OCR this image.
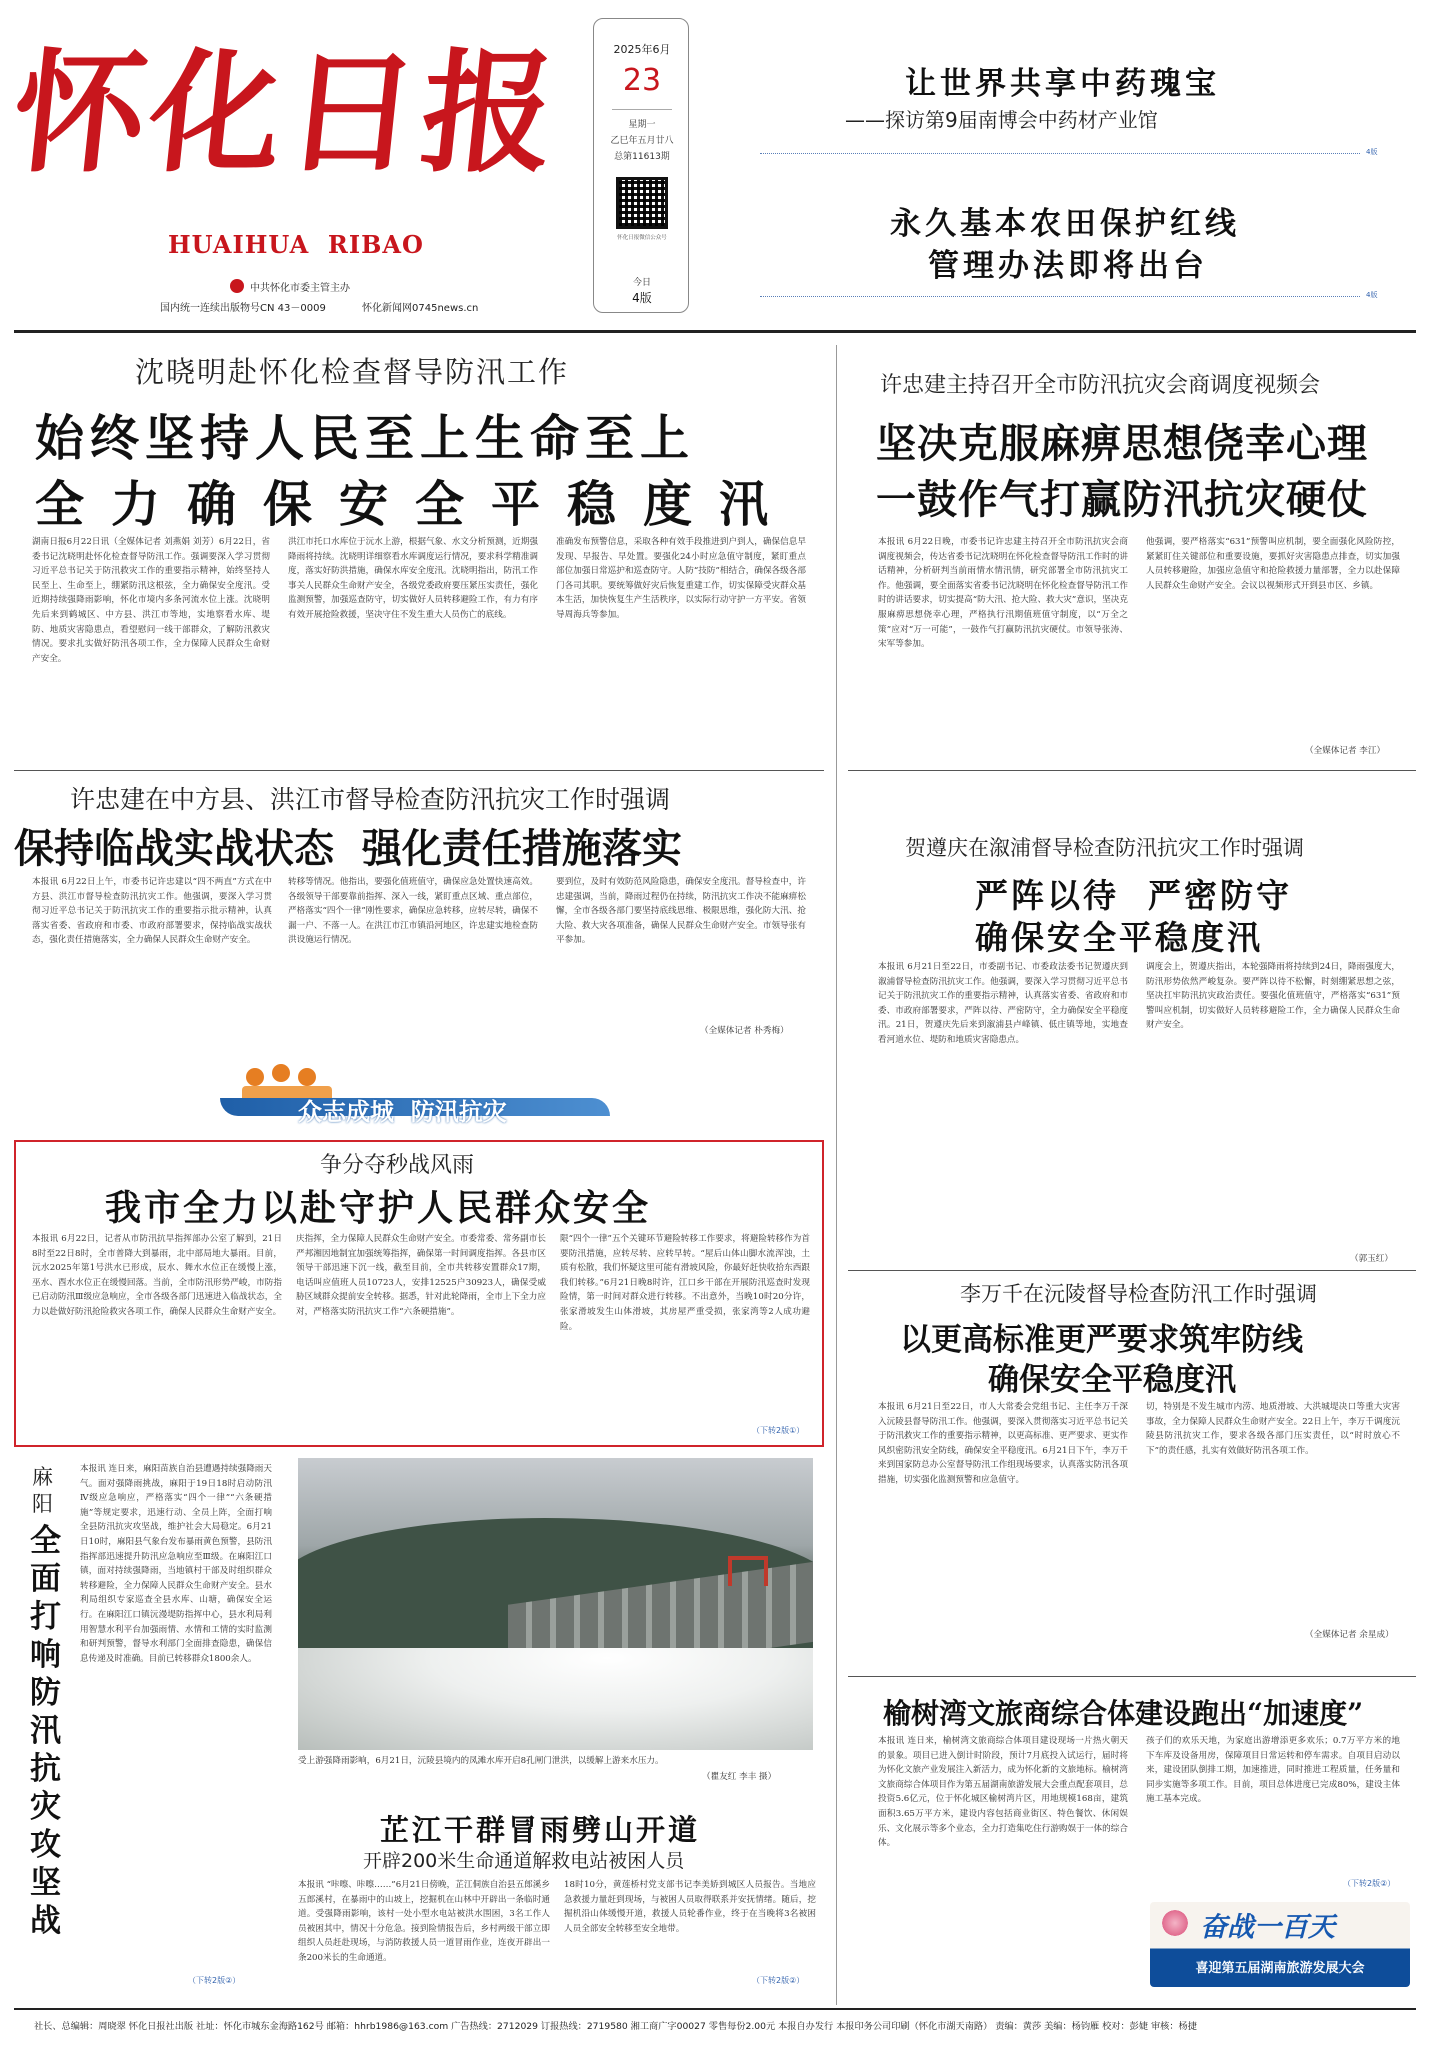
怀化日报
HUAIHUA  RIBAO
中共怀化市委主管主办
国内统一连续出版物号CN 43－0009	怀化新闻网0745news.cn
2025年6月
23
星期一
乙巳年五月廿八
总第11613期
怀化日报微信公众号
今日
4版
让世界共享中药瑰宝
——探访第9届南博会中药材产业馆
4版
永久基本农田保护红线
管理办法即将出台
4版
沈晓明赴怀化检查督导防汛工作
始终坚持人民至上生命至上
全力确保安全平稳度汛
湖南日报6月22日讯（全媒体记者 刘燕娟 刘芳）6月22日，省委书记沈晓明赴怀化检查督导防汛工作。强调要深入学习贯彻习近平总书记关于防汛救灾工作的重要指示精神，始终坚持人民至上、生命至上，绷紧防汛这根弦，全力确保安全度汛。受近期持续强降雨影响，怀化市境内多条河流水位上涨。沈晓明先后来到鹤城区、中方县、洪江市等地，实地察看水库、堤防、地质灾害隐患点，看望慰问一线干部群众，了解防汛救灾情况。要求扎实做好防汛各项工作，全力保障人民群众生命财产安全。
洪江市托口水库位于沅水上游，根据气象、水文分析预测，近期强降雨将持续。沈晓明详细察看水库调度运行情况，要求科学精准调度，落实好防洪措施，确保水库安全度汛。沈晓明指出，防汛工作事关人民群众生命财产安全，各级党委政府要压紧压实责任，强化监测预警，加强巡查防守，切实做好人员转移避险工作，有力有序有效开展抢险救援，坚决守住不发生重大人员伤亡的底线。
准确发布预警信息，采取各种有效手段推进到户到人，确保信息早发现、早报告、早处置。要强化24小时应急值守制度，紧盯重点部位加强日常巡护和巡查防守。人防“技防”相结合，确保各级各部门各司其职。要统筹做好灾后恢复重建工作，切实保障受灾群众基本生活，加快恢复生产生活秩序，以实际行动守护一方平安。省领导周海兵等参加。
许忠建主持召开全市防汛抗灾会商调度视频会
坚决克服麻痹思想侥幸心理
一鼓作气打赢防汛抗灾硬仗
本报讯 6月22日晚，市委书记许忠建主持召开全市防汛抗灾会商调度视频会，传达省委书记沈晓明在怀化检查督导防汛工作时的讲话精神，分析研判当前雨情水情汛情，研究部署全市防汛抗灾工作。他强调，要全面落实省委书记沈晓明在怀化检查督导防汛工作时的讲话要求，切实提高“防大汛、抢大险、救大灾”意识，坚决克服麻痹思想侥幸心理，严格执行汛期值班值守制度，以“万全之策”应对“万一可能”，一鼓作气打赢防汛抗灾硬仗。市领导张涛、宋军等参加。
他强调，要严格落实“631”预警叫应机制，要全面强化风险防控，紧紧盯住关键部位和重要设施，要抓好灾害隐患点排查，切实加强人员转移避险，加强应急值守和抢险救援力量部署，全力以赴保障人民群众生命财产安全。会议以视频形式开到县市区、乡镇。
（全媒体记者 李江）
许忠建在中方县、洪江市督导检查防汛抗灾工作时强调
保持临战实战状态  强化责任措施落实
本报讯 6月22日上午，市委书记许忠建以“四不两直”方式在中方县、洪江市督导检查防汛抗灾工作。他强调，要深入学习贯彻习近平总书记关于防汛抗灾工作的重要指示批示精神，认真落实省委、省政府和市委、市政府部署要求，保持临战实战状态，强化责任措施落实，全力确保人民群众生命财产安全。
转移等情况。他指出，要强化值班值守，确保应急处置快速高效。各级领导干部要靠前指挥、深入一线，紧盯重点区域、重点部位，严格落实“四个一律”刚性要求，确保应急转移，应转尽转，确保不漏一户、不落一人。在洪江市江市镇沿河地区，许忠建实地检查防洪设施运行情况。
要到位，及时有效防范风险隐患，确保安全度汛。督导检查中，许忠建强调，当前，降雨过程仍在持续，防汛抗灾工作决不能麻痹松懈，全市各级各部门要坚持底线思维、极限思维，强化防大汛、抢大险、救大灾各项准备，确保人民群众生命财产安全。市领导张有平参加。
（全媒体记者 朴秀梅）
贺遵庆在溆浦督导检查防汛抗灾工作时强调
严阵以待  严密防守
确保安全平稳度汛
本报讯 6月21日至22日，市委副书记、市委政法委书记贺遵庆到溆浦督导检查防汛抗灾工作。他强调，要深入学习贯彻习近平总书记关于防汛抗灾工作的重要指示精神，认真落实省委、省政府和市委、市政府部署要求，严阵以待、严密防守，全力确保安全平稳度汛。21日，贺遵庆先后来到溆浦县卢峰镇、低庄镇等地，实地查看河道水位、堤防和地质灾害隐患点。
调度会上，贺遵庆指出，本轮强降雨将持续到24日，降雨强度大，防汛形势依然严峻复杂。要严阵以待不松懈，时刻绷紧思想之弦，坚决扛牢防汛抗灾政治责任。要强化值班值守，严格落实“631”预警叫应机制，切实做好人员转移避险工作，全力确保人民群众生命财产安全。
（郭玉红）
众志成城  防汛抗灾
争分夺秒战风雨
我市全力以赴守护人民群众安全
本报讯 6月22日，记者从市防汛抗旱指挥部办公室了解到，21日8时至22日8时，全市普降大到暴雨，北中部局地大暴雨。目前，沅水2025年第1号洪水已形成，辰水、舞水水位正在缓慢上涨，巫水、酉水水位正在缓慢回落。当前，全市防汛形势严峻，市防指已启动防汛Ⅲ级应急响应，全市各级各部门迅速进入临战状态，全力以赴做好防汛抢险救灾各项工作，确保人民群众生命财产安全。
庆指挥，全力保障人民群众生命财产安全。市委常委、常务副市长严邦湘因地制宜加强统筹指挥，确保第一时间调度指挥。各县市区领导干部迅速下沉一线，截至目前，全市共转移安置群众17期，电话叫应值班人员10723人，安排12525户30923人，确保受威胁区域群众提前安全转移。据悉，针对此轮降雨，全市上下全力应对，严格落实防汛抗灾工作“六条硬措施”。
限“四个一律”五个关键环节避险转移工作要求，将避险转移作为首要防汛措施，应转尽转、应转早转。“屋后山体山脚水流浑浊，土质有松散，我们怀疑这里可能有滑坡风险，你最好赶快收拾东西跟我们转移。”6月21日晚8时许，江口乡干部在开展防汛巡查时发现险情，第一时间对群众进行转移。不出意外，当晚10时20分许，张家滑坡发生山体滑坡，其房屋严重受损，张家湾等2人成功避险。
（下转2版①）
李万千在沅陵督导检查防汛工作时强调
以更高标准更严要求筑牢防线
确保安全平稳度汛
本报讯 6月21日至22日，市人大常委会党组书记、主任李万千深入沅陵县督导防汛工作。他强调，要深入贯彻落实习近平总书记关于防汛救灾工作的重要指示精神，以更高标准、更严要求、更实作风织密防汛安全防线，确保安全平稳度汛。6月21日下午，李万千来到国家防总办公室督导防汛工作组现场要求，认真落实防汛各项措施，切实强化监测预警和应急值守。
切，特别是不发生城市内涝、地质滑坡、大洪城堤决口等重大灾害事故，全力保障人民群众生命财产安全。22日上午，李万千调度沅陵县防汛抗灾工作，要求各级各部门压实责任，以“时时放心不下”的责任感，扎实有效做好防汛各项工作。
（全媒体记者 余星成）
麻阳
全面打响防汛抗灾攻坚战
本报讯 连日来，麻阳苗族自治县遭遇持续强降雨天气。面对强降雨挑战，麻阳于19日18时启动防汛Ⅳ级应急响应，严格落实“四个一律”“六条硬措施”等规定要求，迅速行动、全员上阵，全面打响全县防汛抗灾攻坚战，维护社会大局稳定。6月21日10时，麻阳县气象台发布暴雨黄色预警，县防汛指挥部迅速提升防汛应急响应至Ⅲ级。在麻阳江口镇，面对持续强降雨，当地镇村干部及时组织群众转移避险，全力保障人民群众生命财产安全。县水利局组织专家巡查全县水库、山塘，确保安全运行。在麻阳江口镇沅漫堤防指挥中心，县水利局利用智慧水利平台加强雨情、水情和工情的实时监测和研判预警，督导水利部门全面排查隐患，确保信息传递及时准确。目前已转移群众1800余人。
（下转2版②）
受上游强降雨影响，6月21日，沅陵县境内的凤滩水库开启8孔闸门泄洪，以缓解上游来水压力。
（瞿友红 李丰 摄）
芷江干群冒雨劈山开道
开辟200米生命通道解救电站被困人员
本报讯 “咔嚓、咔嚓……”6月21日傍晚，芷江侗族自治县五郎溪乡五郎溪村，在暴雨中的山坡上，挖掘机在山林中开辟出一条临时通道。受强降雨影响，该村一处小型水电站被洪水围困，3名工作人员被困其中，情况十分危急。接到险情报告后，乡村两级干部立即组织人员赶赴现场，与消防救援人员一道冒雨作业，连夜开辟出一条200米长的生命通道。
18时10分，黄莲桥村党支部书记李美娇到城区人员报告。当地应急救援力量赶到现场，与被困人员取得联系并安抚情绪。随后，挖掘机沿山体缓慢开道，救援人员轮番作业，终于在当晚将3名被困人员全部安全转移至安全地带。
（下转2版②）
榆树湾文旅商综合体建设跑出“加速度”
本报讯 连日来，榆树湾文旅商综合体项目建设现场一片热火朝天的景象。项目已进入倒计时阶段，预计7月底投入试运行，届时将为怀化文旅产业发展注入新活力，成为怀化新的文旅地标。榆树湾文旅商综合体项目作为第五届湖南旅游发展大会重点配套项目，总投资5.6亿元，位于怀化城区榆树湾片区，用地规模168亩，建筑面积3.65万平方米，建设内容包括商业街区、特色餐饮、休闲娱乐、文化展示等多个业态，全力打造集吃住行游购娱于一体的综合体。
孩子们的欢乐天地，为家庭出游增添更多欢乐；0.7万平方米的地下车库及设备用房，保障项目日常运转和停车需求。自项目启动以来，建设团队倒排工期，加速推进，同时推进工程质量，任务量和同步实施等多项工作。目前，项目总体进度已完成80%，建设主体施工基本完成。
（下转2版②）
奋战一百天
喜迎第五届湖南旅游发展大会
社长、总编辑：周晓翠 怀化日报社出版 社址：怀化市城东金海路162号 邮箱：hhrb1986@163.com 广告热线：2712029 订报热线：2719580 湘工商广字00027 零售每份2.00元 本报自办发行 本报印务公司印刷（怀化市湖天南路） 责编：黄莎 美编：杨钧雁 校对：彭婕 审核：杨捷
